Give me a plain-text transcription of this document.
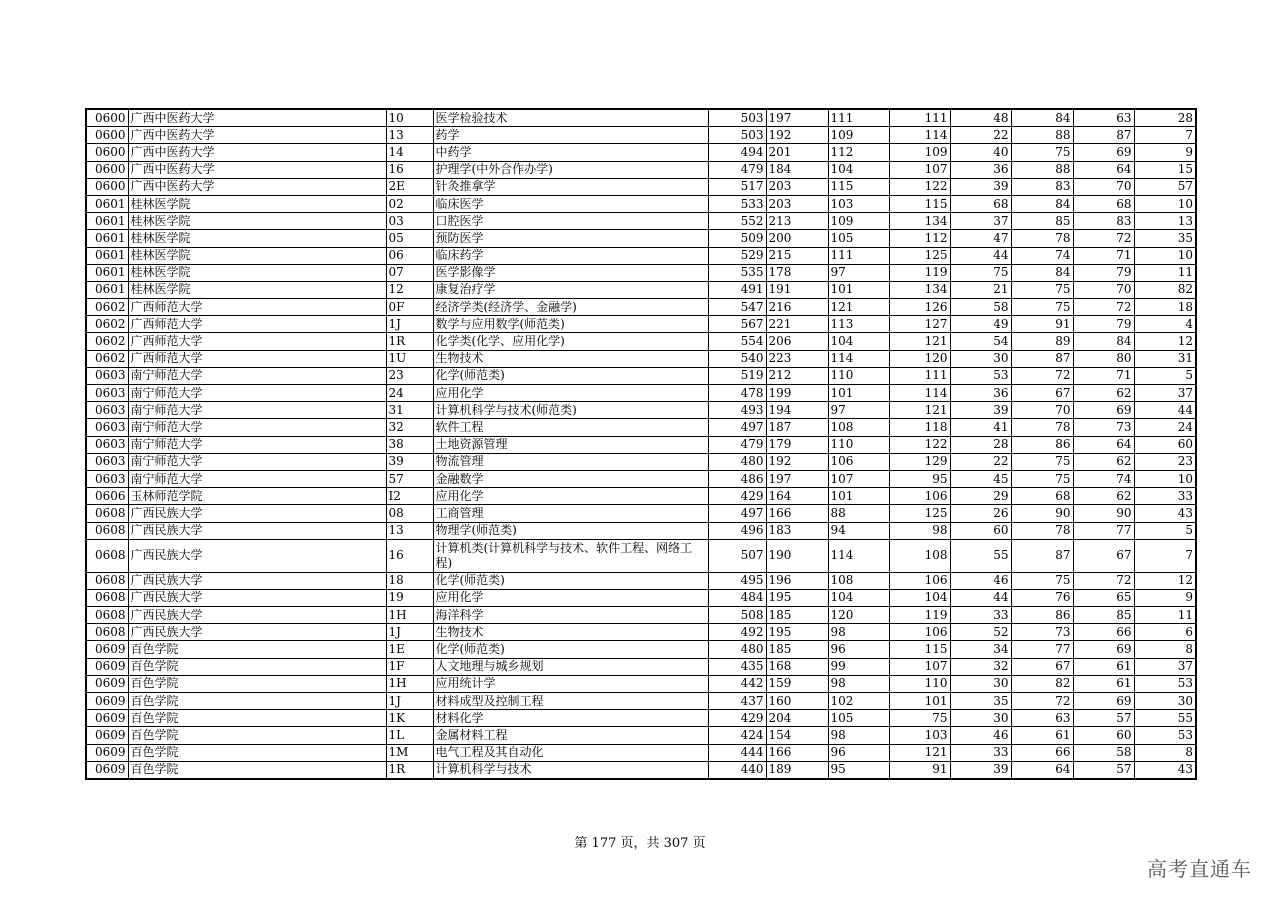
0600	广西中医药大学	10	医学检验技术	503	197	111	111	48	84	63	28
0600	广西中医药大学	13	药学	503	192	109	114	22	88	87	7
0600	广西中医药大学	14	中药学	494	201	112	109	40	75	69	9
0600	广西中医药大学	16	护理学(中外合作办学)	479	184	104	107	36	88	64	15
0600	广西中医药大学	2E	针灸推拿学	517	203	115	122	39	83	70	57
0601	桂林医学院	02	临床医学	533	203	103	115	68	84	68	10
0601	桂林医学院	03	口腔医学	552	213	109	134	37	85	83	13
0601	桂林医学院	05	预防医学	509	200	105	112	47	78	72	35
0601	桂林医学院	06	临床药学	529	215	111	125	44	74	71	10
0601	桂林医学院	07	医学影像学	535	178	97	119	75	84	79	11
0601	桂林医学院	12	康复治疗学	491	191	101	134	21	75	70	82
0602	广西师范大学	0F	经济学类(经济学、金融学)	547	216	121	126	58	75	72	18
0602	广西师范大学	1J	数学与应用数学(师范类)	567	221	113	127	49	91	79	4
0602	广西师范大学	1R	化学类(化学、应用化学)	554	206	104	121	54	89	84	12
0602	广西师范大学	1U	生物技术	540	223	114	120	30	87	80	31
0603	南宁师范大学	23	化学(师范类)	519	212	110	111	53	72	71	5
0603	南宁师范大学	24	应用化学	478	199	101	114	36	67	62	37
0603	南宁师范大学	31	计算机科学与技术(师范类)	493	194	97	121	39	70	69	44
0603	南宁师范大学	32	软件工程	497	187	108	118	41	78	73	24
0603	南宁师范大学	38	土地资源管理	479	179	110	122	28	86	64	60
0603	南宁师范大学	39	物流管理	480	192	106	129	22	75	62	23
0603	南宁师范大学	57	金融数学	486	197	107	95	45	75	74	10
0606	玉林师范学院	I2	应用化学	429	164	101	106	29	68	62	33
0608	广西民族大学	08	工商管理	497	166	88	125	26	90	90	43
0608	广西民族大学	13	物理学(师范类)	496	183	94	98	60	78	77	5
0608	广西民族大学	16	计算机类(计算机科学与技术、软件工程、网络工程)	507	190	114	108	55	87	67	7
0608	广西民族大学	18	化学(师范类)	495	196	108	106	46	75	72	12
0608	广西民族大学	19	应用化学	484	195	104	104	44	76	65	9
0608	广西民族大学	1H	海洋科学	508	185	120	119	33	86	85	11
0608	广西民族大学	1J	生物技术	492	195	98	106	52	73	66	6
0609	百色学院	1E	化学(师范类)	480	185	96	115	34	77	69	8
0609	百色学院	1F	人文地理与城乡规划	435	168	99	107	32	67	61	37
0609	百色学院	1H	应用统计学	442	159	98	110	30	82	61	53
0609	百色学院	1J	材料成型及控制工程	437	160	102	101	35	72	69	30
0609	百色学院	1K	材料化学	429	204	105	75	30	63	57	55
0609	百色学院	1L	金属材料工程	424	154	98	103	46	61	60	53
0609	百色学院	1M	电气工程及其自动化	444	166	96	121	33	66	58	8
0609	百色学院	1R	计算机科学与技术	440	189	95	91	39	64	57	43
第 177 页，共 307 页
高考直通车
